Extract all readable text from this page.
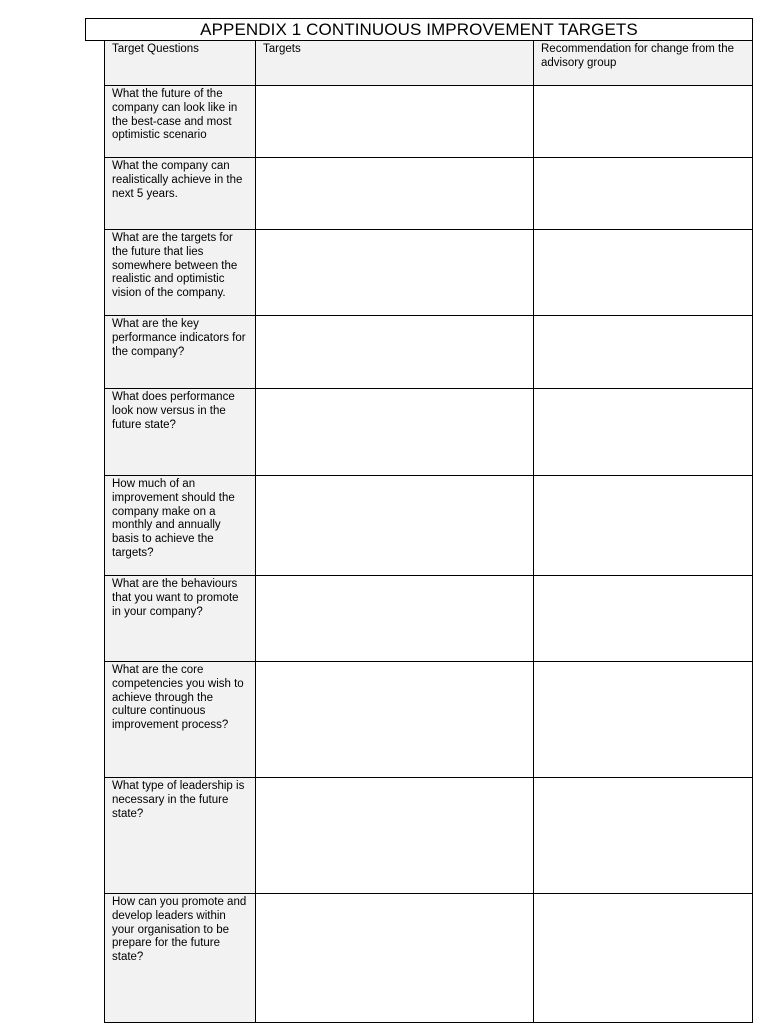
APPENDIX 1 CONTINUOUS IMPROVEMENT TARGETS
Target Questions	Targets	Recommendation for change from the advisory group
What the future of the company can look like in the best-case and most optimistic scenario		
What the company can realistically achieve in the next 5 years.		
What are the targets for the future that lies somewhere between the realistic and optimistic vision of the company.		
What are the key performance indicators for the company?		
What does performance look now versus in the future state?		
How much of an improvement should the company make on a monthly and annually basis to achieve the targets?		
What are the behaviours that you want to promote in your company?		
What are the core competencies you wish to achieve through the culture continuous improvement process?		
What type of leadership is necessary in the future state?		
How can you promote and develop leaders within your organisation to be prepare for the future state?		
